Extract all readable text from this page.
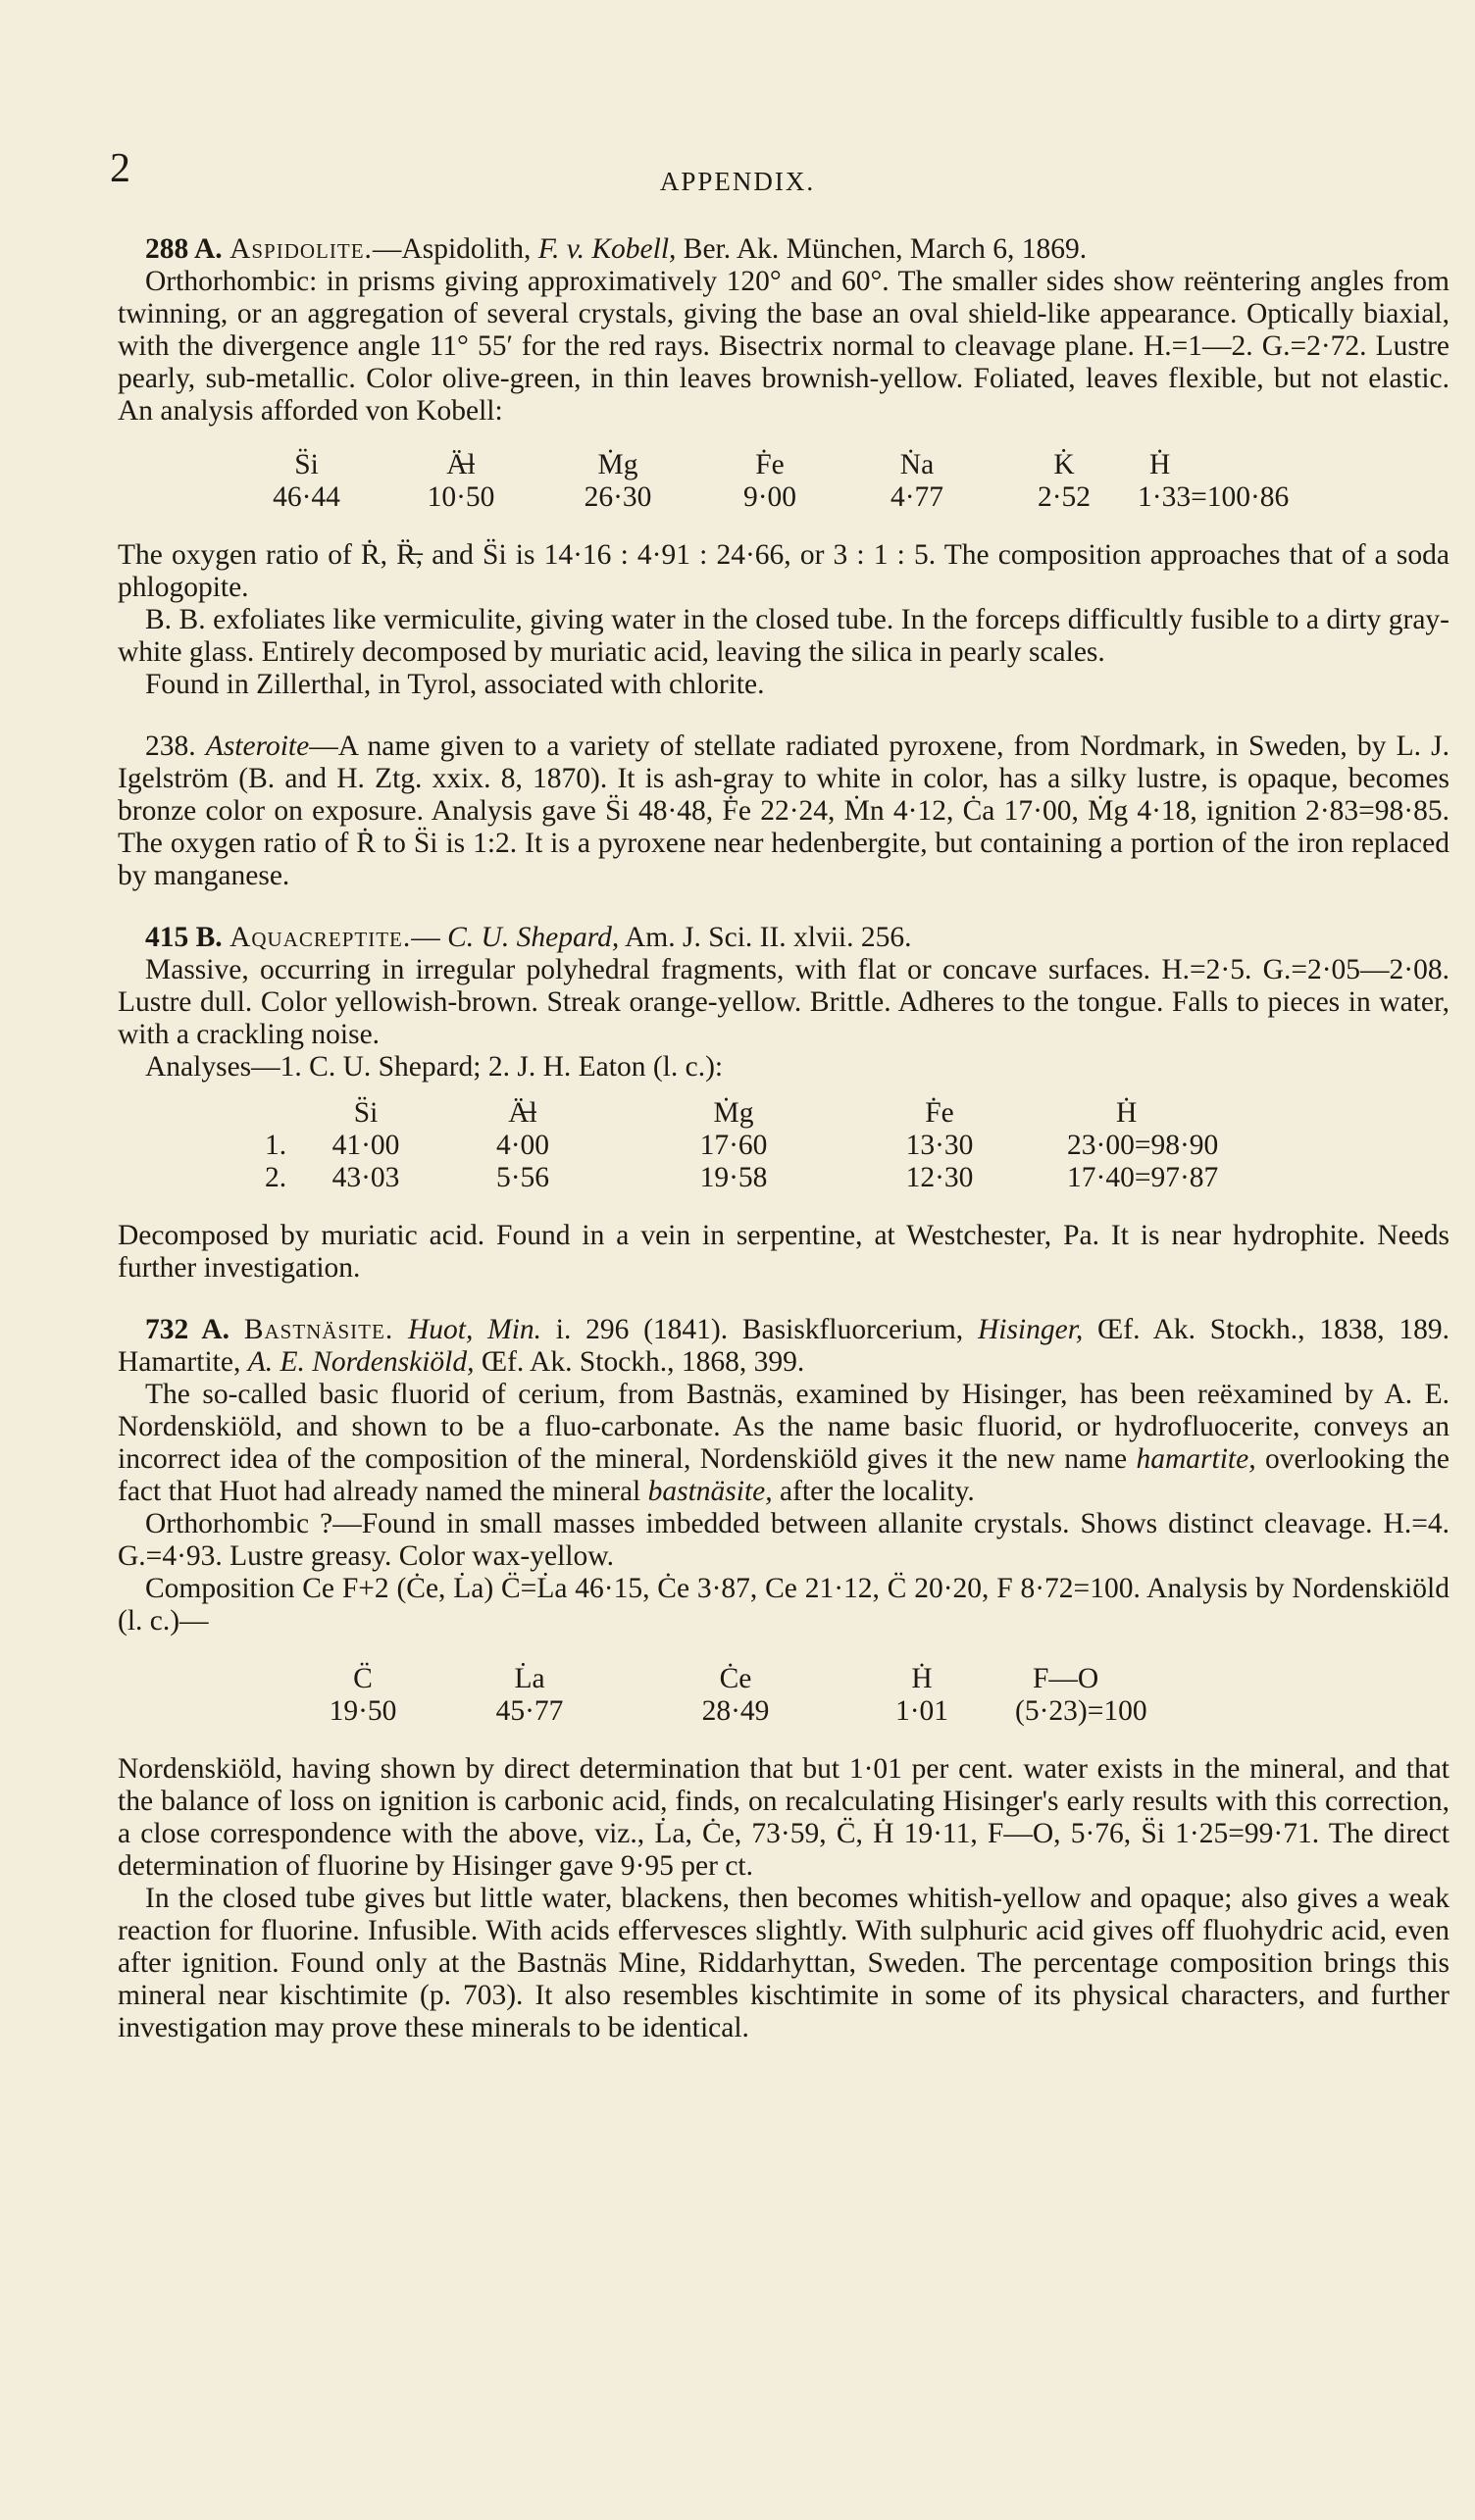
2	APPENDIX.

288 A. Aspidolite.—Aspidolith, F. v. Kobell, Ber. Ak. München, March 6, 1869.

Orthorhombic: in prisms giving approximatively 120° and 60°. The smaller sides show reëntering angles from twinning, or an aggregation of several crystals, giving the base an oval shield-like appearance. Optically biaxial, with the divergence angle 11° 55′ for the red rays. Bisectrix normal to cleavage plane. H.=1—2. G.=2·72. Lustre pearly, sub-metallic. Color olive-green, in thin leaves brownish-yellow. Foliated, leaves flexible, but not elastic. An analysis afforded von Kobell:

S̈i	Ä̶l	Ṁg	Ḟe	Ṅa	K̇	Ḣ
46·44	10·50	26·30	9·00	4·77	2·52	1·33=100·86

The oxygen ratio of Ṙ, R̶̈, and S̈i is 14·16 : 4·91 : 24·66, or 3 : 1 : 5. The composition approaches that of a soda phlogopite.

B. B. exfoliates like vermiculite, giving water in the closed tube. In the forceps difficultly fusible to a dirty gray-white glass. Entirely decomposed by muriatic acid, leaving the silica in pearly scales.

Found in Zillerthal, in Tyrol, associated with chlorite.

238. Asteroite—A name given to a variety of stellate radiated pyroxene, from Nordmark, in Sweden, by L. J. Igelström (B. and H. Ztg. xxix. 8, 1870). It is ash-gray to white in color, has a silky lustre, is opaque, becomes bronze color on exposure. Analysis gave S̈i 48·48, Ḟe 22·24, Ṁn 4·12, Ċa 17·00, Ṁg 4·18, ignition 2·83=98·85. The oxygen ratio of Ṙ to S̈i is 1:2. It is a pyroxene near hedenbergite, but containing a portion of the iron replaced by manganese.

415 B. Aquacreptite.— C. U. Shepard, Am. J. Sci. II. xlvii. 256.

Massive, occurring in irregular polyhedral fragments, with flat or concave surfaces. H.=2·5. G.=2·05—2·08. Lustre dull. Color yellowish-brown. Streak orange-yellow. Brittle. Adheres to the tongue. Falls to pieces in water, with a crackling noise.

Analyses—1. C. U. Shepard; 2. J. H. Eaton (l. c.):

	S̈i	Ä̶l	Ṁg	Ḟe	Ḣ
1.	41·00	4·00	17·60	13·30	23·00=98·90
2.	43·03	5·56	19·58	12·30	17·40=97·87

Decomposed by muriatic acid. Found in a vein in serpentine, at Westchester, Pa. It is near hydrophite. Needs further investigation.

732 A. Bastnäsite. Huot, Min. i. 296 (1841). Basiskfluorcerium, Hisinger, Œf. Ak. Stockh., 1838, 189. Hamartite, A. E. Nordenskiöld, Œf. Ak. Stockh., 1868, 399.

The so-called basic fluorid of cerium, from Bastnäs, examined by Hisinger, has been reëxamined by A. E. Nordenskiöld, and shown to be a fluo-carbonate. As the name basic fluorid, or hydrofluocerite, conveys an incorrect idea of the composition of the mineral, Nordenskiöld gives it the new name hamartite, overlooking the fact that Huot had already named the mineral bastnäsite, after the locality.

Orthorhombic ?—Found in small masses imbedded between allanite crystals. Shows distinct cleavage. H.=4. G.=4·93. Lustre greasy. Color wax-yellow.

Composition Ce F+2 (Ċe, L̇a) C̈=L̇a 46·15, Ċe 3·87, Ce 21·12, C̈ 20·20, F 8·72=100. Analysis by Nordenskiöld (l. c.)—

C̈	L̇a	Ċe	Ḣ	F—O
19·50	45·77	28·49	1·01	(5·23)=100

Nordenskiöld, having shown by direct determination that but 1·01 per cent. water exists in the mineral, and that the balance of loss on ignition is carbonic acid, finds, on recalculating Hisinger's early results with this correction, a close correspondence with the above, viz., L̇a, Ċe, 73·59, C̈, Ḣ 19·11, F—O, 5·76, S̈i 1·25=99·71. The direct determination of fluorine by Hisinger gave 9·95 per ct.

In the closed tube gives but little water, blackens, then becomes whitish-yellow and opaque; also gives a weak reaction for fluorine. Infusible. With acids effervesces slightly. With sulphuric acid gives off fluohydric acid, even after ignition. Found only at the Bastnäs Mine, Riddarhyttan, Sweden. The percentage composition brings this mineral near kischtimite (p. 703). It also resembles kischtimite in some of its physical characters, and further investigation may prove these minerals to be identical.
